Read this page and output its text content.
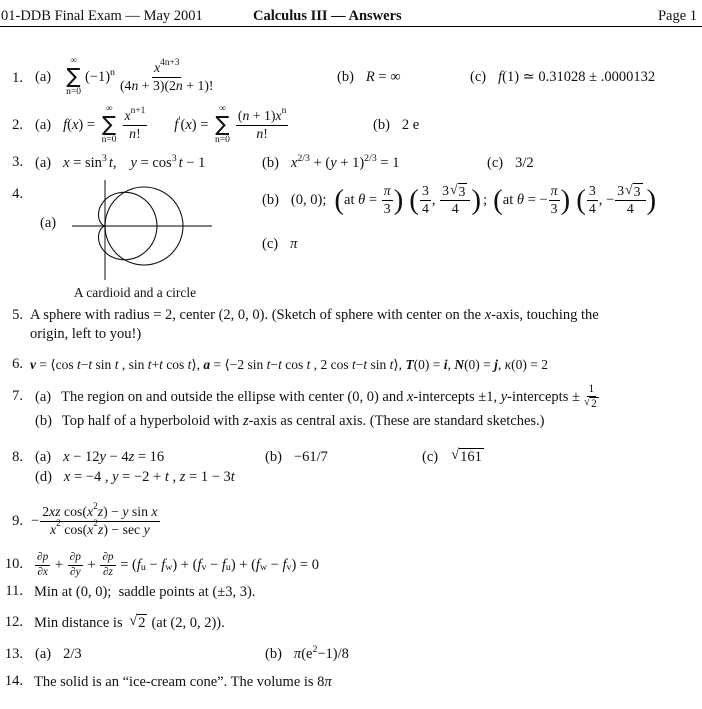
01-DDB Final Exam — May 2001	Calculus III — Answers	Page 1
1. (a)
∞
∑
n=0
(−1) n $\frac{x 4n+3}{(4 n + 3)(2 n + 1)!}$	(b) R = ∞	(c) f (1) ≃ 0.31028 ± .0000132
2. (a) f ( x ) =
∞
∑
$n=0 \frac{\text{x n+1}}{n !}$ f ′ ( x ) =
∞
∑
$n=0 \frac{\text{( n + 1) x n}}{n !}$	(b) 2 e
3. (a) x = sin 3 t , y = cos 3 t − 1	(b) x 2/3 + ( y + 1) 2/3 = 1	(c) 3/2
4.
(a)
A cardioid and a circle
(b) (0, 0); ( at $\theta = \frac{\pi}{3}$ ) ( $\frac{3}{4}$ , $\frac{3 √ 3}{4}$ ) ; ( at θ = − $\frac{\pi}{3}$ ) ( $\frac{3}{4}$ , − $\frac{3 √ 3}{4}$ )
(c) π
5. A sphere with radius = 2, center (2, 0, 0). (Sketch of sphere with center on the x -axis, touching the
origin, left to you!)
6. v = ⟨cos t − t sin t , sin t + t cos t ⟩, a = ⟨−2 sin t − t cos t , 2 cos t − t sin t ⟩, T (0) = i , N (0) = j , κ (0) = 2
7. (a) The region on and outside the ellipse with center (0, 0) and x -intercepts ±1, y -intercepts ± $\frac{1}{√ 2}$
(b) Top half of a hyperboloid with z -axis as central axis. (These are standard sketches.)
8. (a) x − 12 y − 4 z = 16	(b) −61/7	(c) √ 161
(d) x = −4 , y = −2 + t , z = 1 − 3 t
9. − $\frac{\text{2 xz cos( x 2 z ) − y sin x}}{\text{x 2 cos( x 2 z ) − sec y}}$
10. $\frac{\partial p}{\partial x} + \frac{\partial p}{\partial y} + \frac{\partial p}{\partial z}$ = ( f u − f w ) + ( f v − f u ) + ( f w − f v ) = 0
11. Min at (0, 0);  saddle points at (±3, 3).
12. Min distance is √ 2 (at (2, 0, 2)).
13. (a) 2/3	(b) π (e 2 −1)/8
14. The solid is an “ice-cream cone”. The volume is 8 π
